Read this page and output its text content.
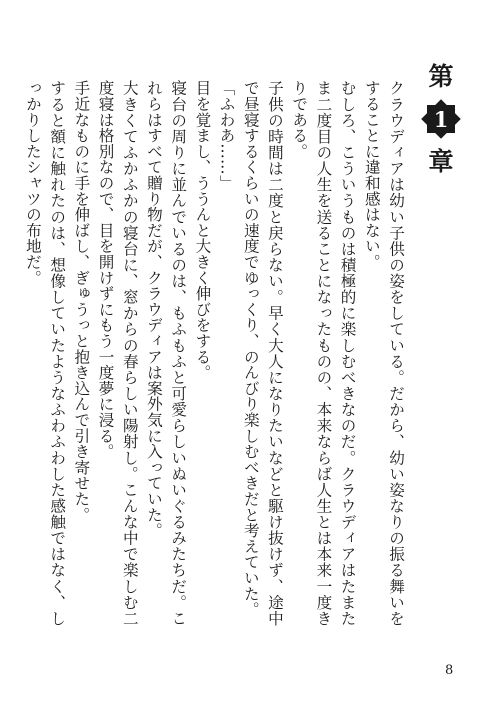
第
1
章

クラウディアは幼い子供の姿をしている。だから、幼い姿なりの振る舞いをすることに違和感はない。

むしろ、こういうものは積極的に楽しむべきなのだ。クラウディアはたまたま二度目の人生を送ることになったものの、本来ならば人生とは本来一度きりである。

子供の時間は二度と戻らない。早く大人になりたいなどと駆け抜けず、途中で昼寝するくらいの速度でゆっくり、のんびり楽しむべきだと考えていた。

「ふわあ……」

目を覚まし、ううんと大きく伸びをする。

寝台の周りに並んでいるのは、もふもふと可愛らしいぬいぐるみたちだ。これらはすべて贈り物だが、クラウディアは案外気に入っていた。

大きくてふかふかの寝台に、窓からの春らしい陽射し。こんな中で楽しむ二度寝は格別なので、目を開けずにもう一度夢に浸る。

手近なものに手を伸ばし、ぎゅうっと抱き込んで引き寄せた。

すると額に触れたのは、想像していたようなふわふわした感触ではなく、しっかりしたシャツの布地だ。

8
